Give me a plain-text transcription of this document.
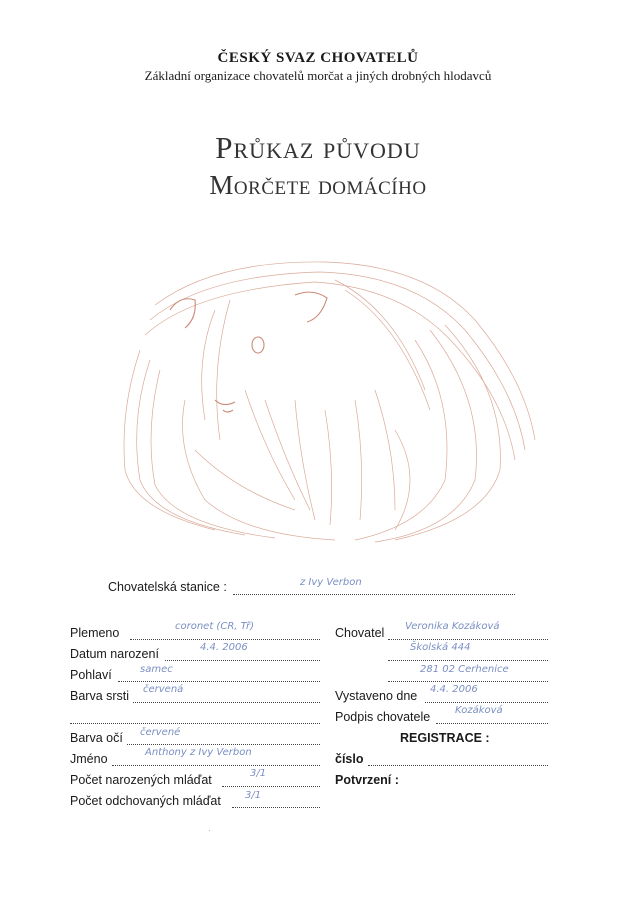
ČESKÝ SVAZ CHOVATELŮ
Základní organizace chovatelů morčat a jiných drobných hlodavců
Průkaz původu
Morčete domácího
Chovatelská stanice :	z Ivy Verbon
Plemeno	coronet (CR, Tř)
Datum narození	4.4. 2006
Pohlaví	samec
Barva srsti červená
Barva očí červené
Jméno	Anthony z Ivy Verbon
Počet narozených mláďat	3/1
Počet odchovaných mláďat 3/1
Chovatel Veronika Kozáková
Školská 444
281 02 Cerhenice
Vystaveno dne 4.4. 2006
Podpis chovatele Kozáková
REGISTRACE :
číslo
Potvrzení :
·
